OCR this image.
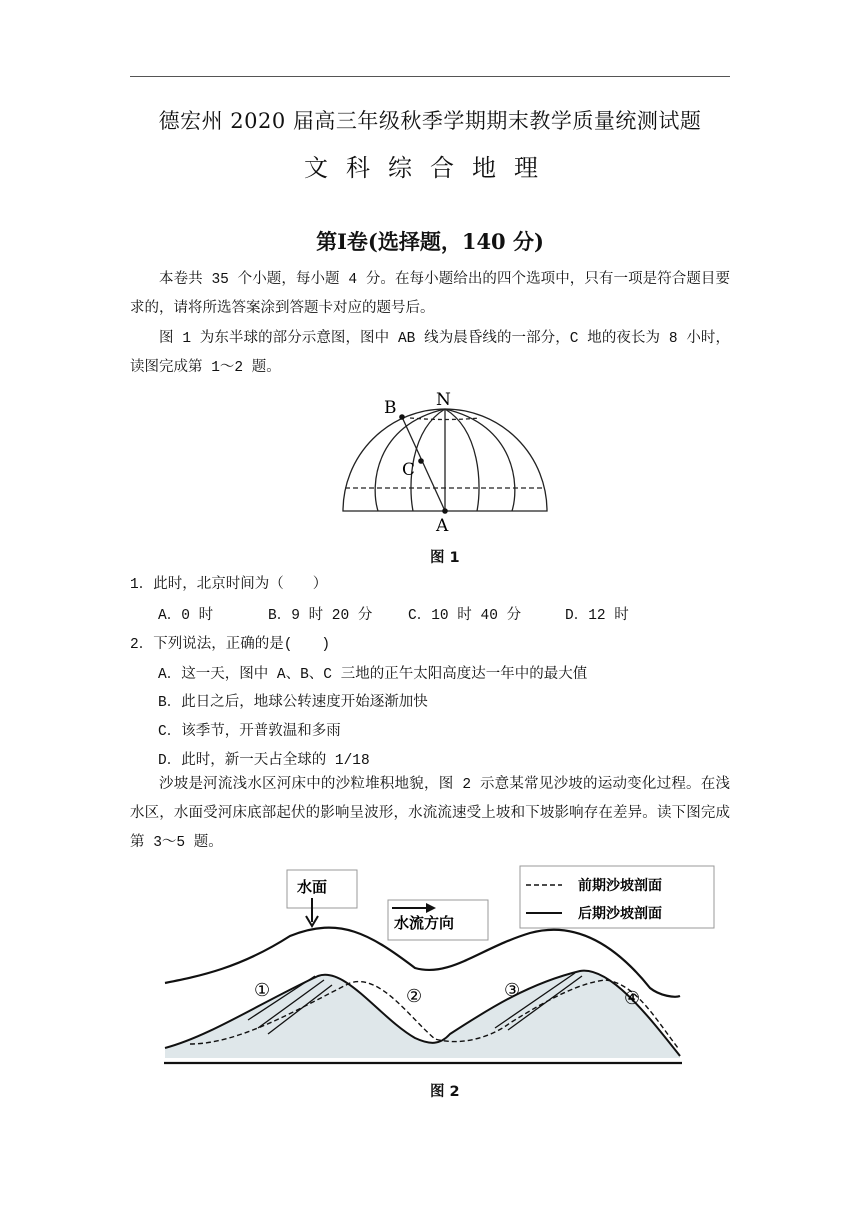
德宏州 2020 届高三年级秋季学期期末教学质量统测试题
文科综合地理
第Ⅰ卷(选择题，140 分)

本卷共 35 个小题，每小题 4 分。在每小题给出的四个选项中，只有一项是符合题目要求的，请将所选答案涂到答题卡对应的题号后。

图 1 为东半球的部分示意图，图中 AB 线为晨昏线的一部分，C 地的夜长为 8 小时，读图完成第 1～2 题。

N
B
C
A
图 1
1．此时，北京时间为（　　）
A．0 时	B．9 时 20 分 C．10 时 40 分	D．12 时
2．下列说法，正确的是(　　)
A．这一天，图中 A、B、C 三地的正午太阳高度达一年中的最大值
B．此日之后，地球公转速度开始逐渐加快
C．该季节，开普敦温和多雨
D．此时，新一天占全球的 1/18

沙坡是河流浅水区河床中的沙粒堆积地貌，图 2 示意某常见沙坡的运动变化过程。在浅水区，水面受河床底部起伏的影响呈波形，水流流速受上坡和下坡影响存在差异。读下图完成第 3～5 题。

水面
水流方向
前期沙坡剖面
后期沙坡剖面
①	②	③	④
图 2
